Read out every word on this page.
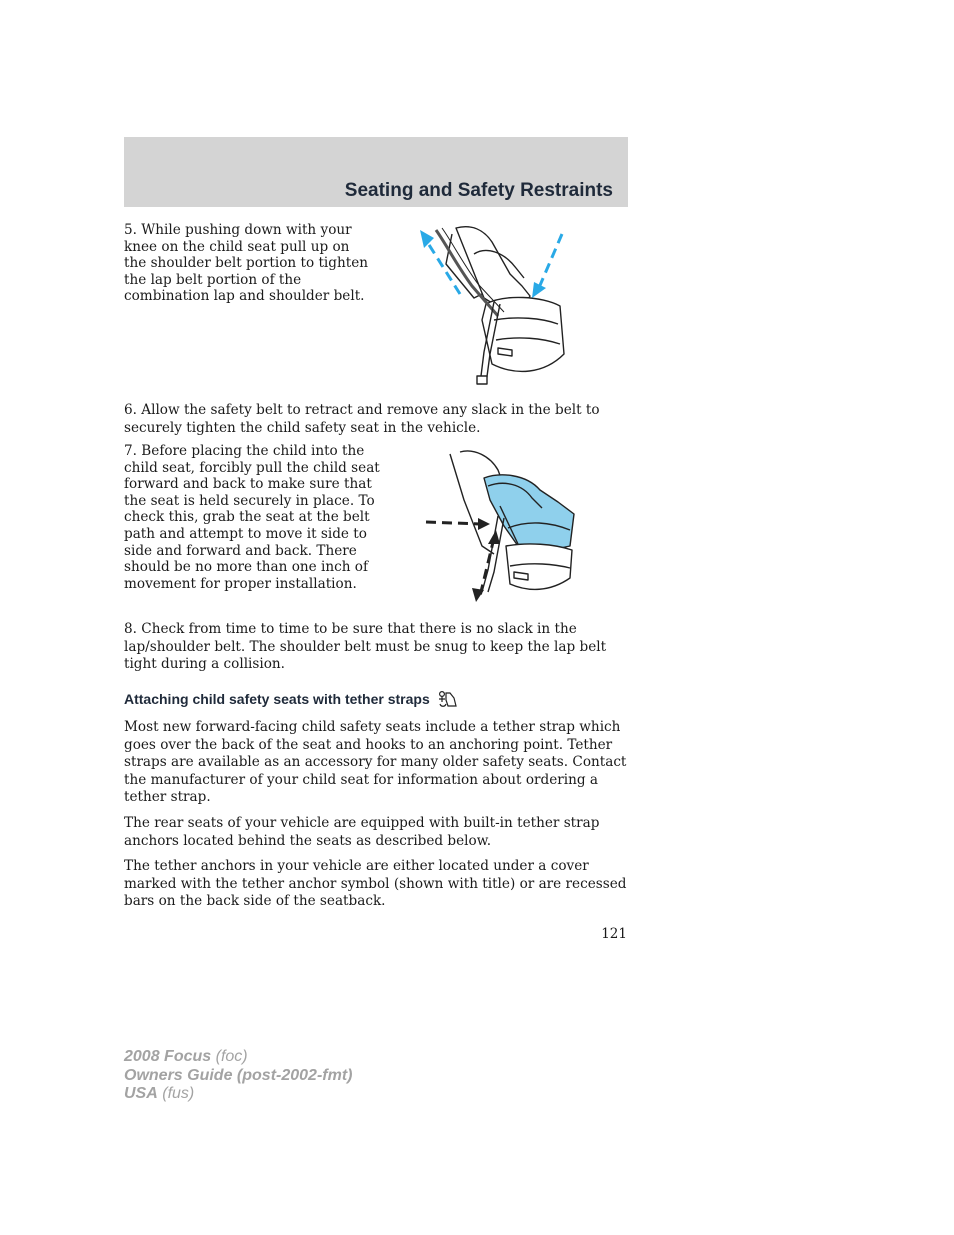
Seating and Safety Restraints

5. While pushing down with your knee on the child seat pull up on the shoulder belt portion to tighten the lap belt portion of the combination lap and shoulder belt.

6. Allow the safety belt to retract and remove any slack in the belt to securely tighten the child safety seat in the vehicle.

7. Before placing the child into the child seat, forcibly pull the child seat forward and back to make sure that the seat is held securely in place. To check this, grab the seat at the belt path and attempt to move it side to side and forward and back. There should be no more than one inch of movement for proper installation.

8. Check from time to time to be sure that there is no slack in the lap/shoulder belt. The shoulder belt must be snug to keep the lap belt tight during a collision.

Attaching child safety seats with tether straps

Most new forward-facing child safety seats include a tether strap which goes over the back of the seat and hooks to an anchoring point. Tether straps are available as an accessory for many older safety seats. Contact the manufacturer of your child seat for information about ordering a tether strap.

The rear seats of your vehicle are equipped with built-in tether strap anchors located behind the seats as described below.

The tether anchors in your vehicle are either located under a cover marked with the tether anchor symbol (shown with title) or are recessed bars on the back side of the seatback.

121
2008 Focus (foc)
Owners Guide (post-2002-fmt)
USA (fus)
